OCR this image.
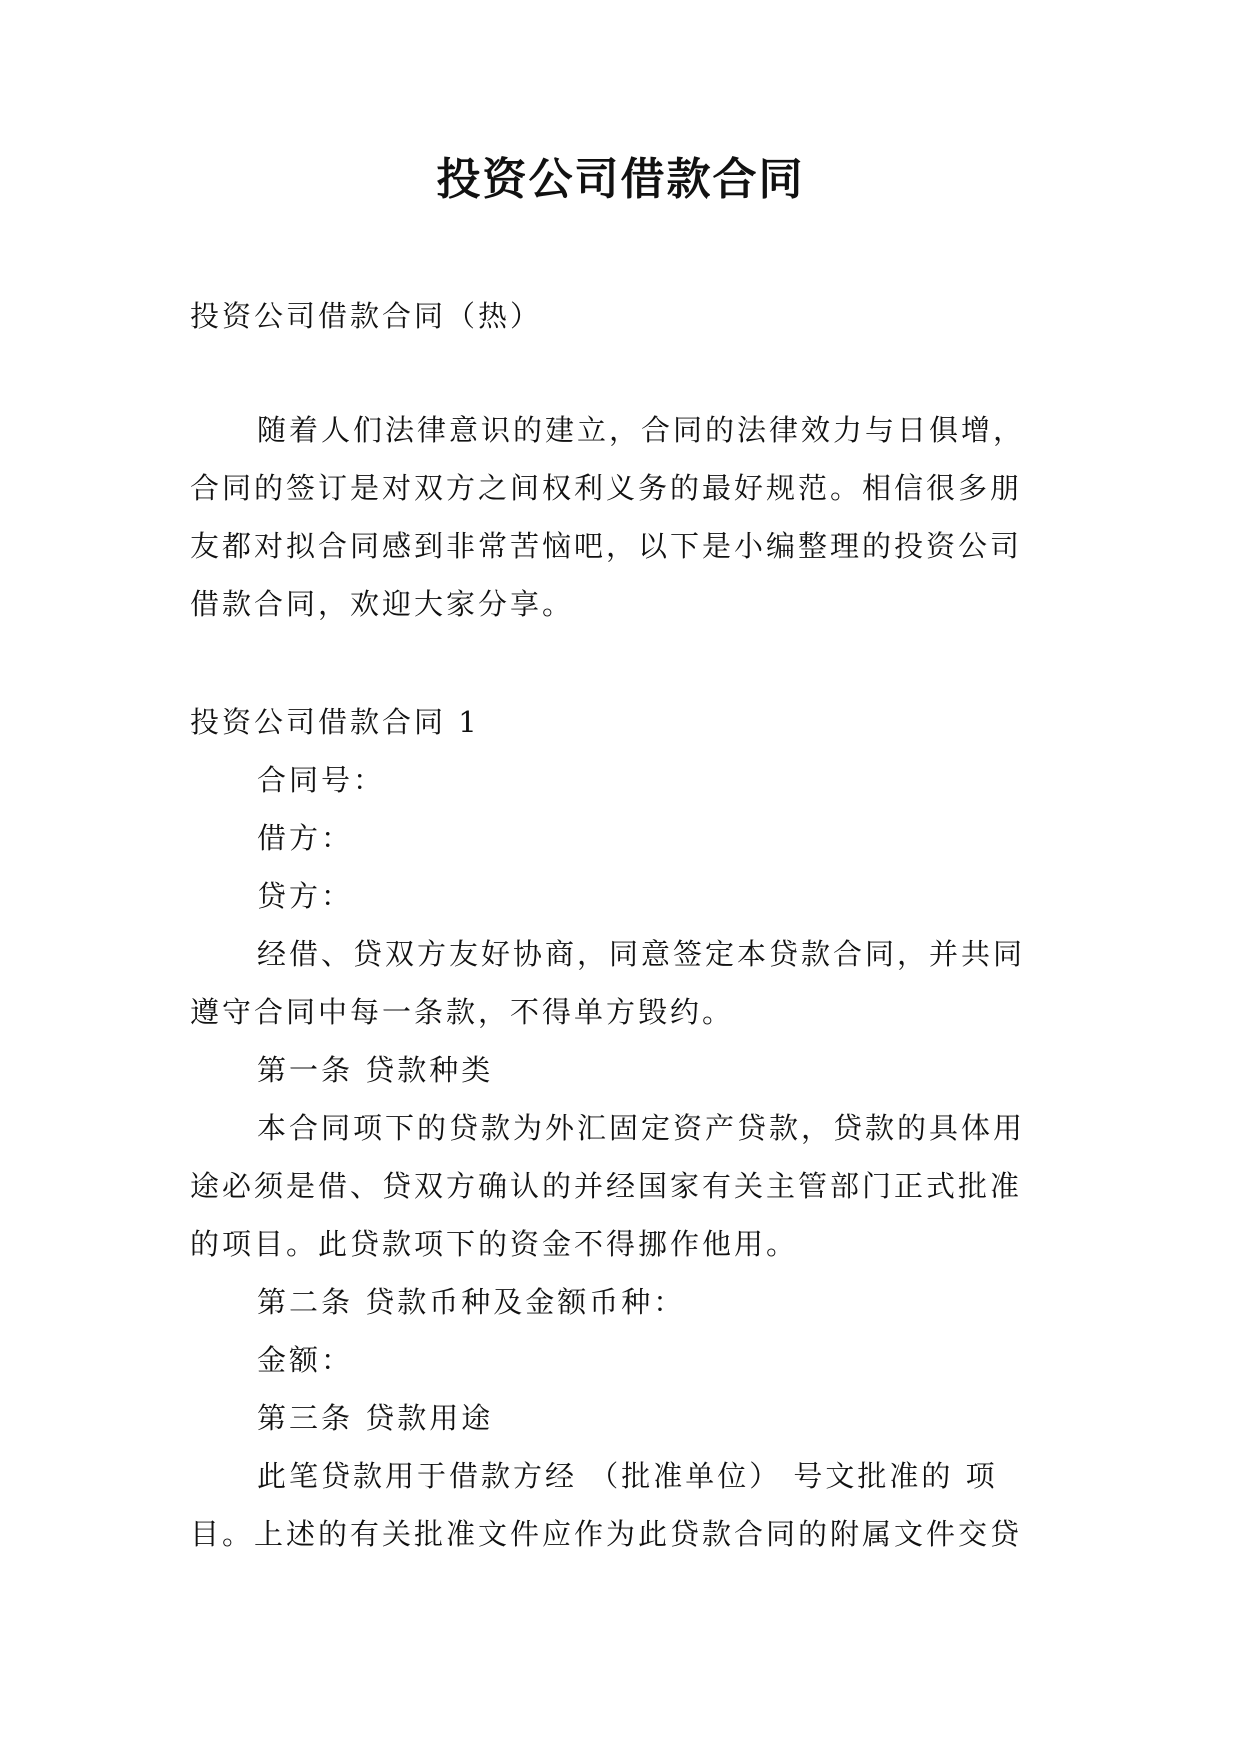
投资公司借款合同
投资公司借款合同（热）
随着人们法律意识的建立，合同的法律效力与日俱增，
合同的签订是对双方之间权利义务的最好规范。相信很多朋
友都对拟合同感到非常苦恼吧，以下是小编整理的投资公司
借款合同，欢迎大家分享。
投资公司借款合同 1
合同号：
借方：
贷方：
经借、贷双方友好协商，同意签定本贷款合同，并共同
遵守合同中每一条款，不得单方毁约。
第一条 贷款种类
本合同项下的贷款为外汇固定资产贷款，贷款的具体用
途必须是借、贷双方确认的并经国家有关主管部门正式批准
的项目。此贷款项下的资金不得挪作他用。
第二条 贷款币种及金额币种：
金额：
第三条 贷款用途
此笔贷款用于借款方经 （批准单位） 号文批准的 项
目。上述的有关批准文件应作为此贷款合同的附属文件交贷
